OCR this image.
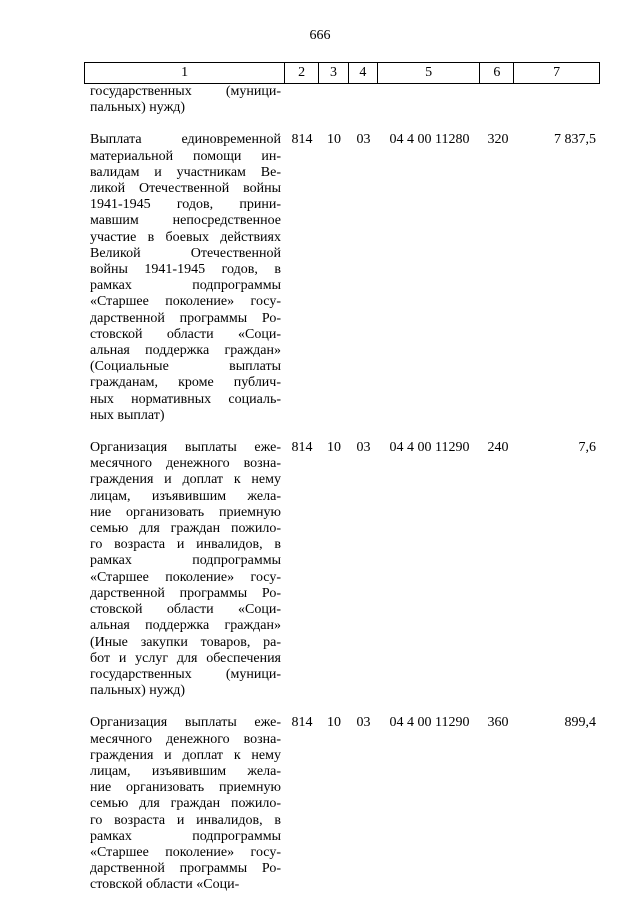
666
1	2	3	4	5	6	7
государственных (муници-
пальных) нужд)
Выплата единовременной
материальной помощи ин-
валидам и участникам Ве-
ликой Отечественной войны
1941-1945 годов, прини-
мавшим непосредственное
участие в боевых действиях
Великой Отечественной
войны 1941-1945 годов, в
рамках подпрограммы
«Старшее поколение» госу-
дарственной программы Ро-
стовской области «Соци-
альная поддержка граждан»
(Социальные выплаты
гражданам, кроме публич-
ных нормативных социаль-
ных выплат)
814	10	03	04 4 00 11280	320	7 837,5
Организация выплаты еже-
месячного денежного возна-
граждения и доплат к нему
лицам, изъявившим жела-
ние организовать приемную
семью для граждан пожило-
го возраста и инвалидов, в
рамках подпрограммы
«Старшее поколение» госу-
дарственной программы Ро-
стовской области «Соци-
альная поддержка граждан»
(Иные закупки товаров, ра-
бот и услуг для обеспечения
государственных (муници-
пальных) нужд)
814	10	03	04 4 00 11290	240	7,6
Организация выплаты еже-
месячного денежного возна-
граждения и доплат к нему
лицам, изъявившим жела-
ние организовать приемную
семью для граждан пожило-
го возраста и инвалидов, в
рамках подпрограммы
«Старшее поколение» госу-
дарственной программы Ро-
стовской области «Соци-
814	10	03	04 4 00 11290	360	899,4
